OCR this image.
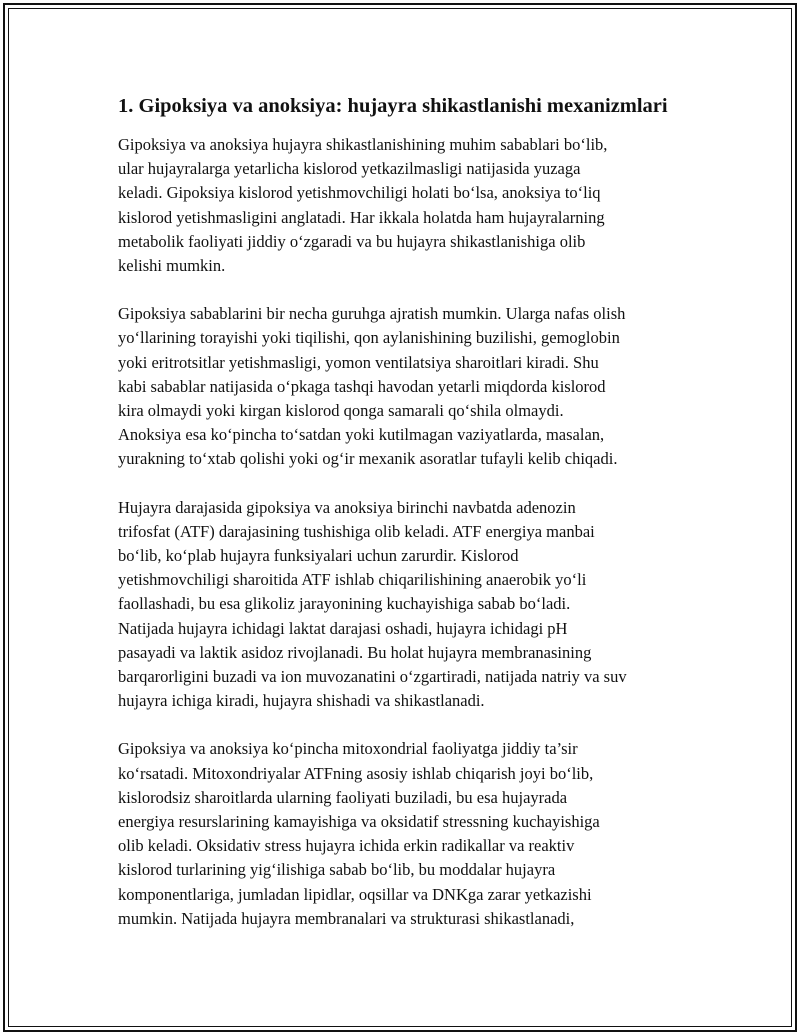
1. Gipoksiya va anoksiya: hujayra shikastlanishi mexanizmlari

Gipoksiya va anoksiya hujayra shikastlanishining muhim sabablari bo‘lib,
ular hujayralarga yetarlicha kislorod yetkazilmasligi natijasida yuzaga
keladi. Gipoksiya kislorod yetishmovchiligi holati bo‘lsa, anoksiya to‘liq
kislorod yetishmasligini anglatadi. Har ikkala holatda ham hujayralarning
metabolik faoliyati jiddiy o‘zgaradi va bu hujayra shikastlanishiga olib
kelishi mumkin.

Gipoksiya sabablarini bir necha guruhga ajratish mumkin. Ularga nafas olish
yo‘llarining torayishi yoki tiqilishi, qon aylanishining buzilishi, gemoglobin
yoki eritrotsitlar yetishmasligi, yomon ventilatsiya sharoitlari kiradi. Shu
kabi sabablar natijasida o‘pkaga tashqi havodan yetarli miqdorda kislorod
kira olmaydi yoki kirgan kislorod qonga samarali qo‘shila olmaydi.
Anoksiya esa ko‘pincha to‘satdan yoki kutilmagan vaziyatlarda, masalan,
yurakning to‘xtab qolishi yoki og‘ir mexanik asoratlar tufayli kelib chiqadi.

Hujayra darajasida gipoksiya va anoksiya birinchi navbatda adenozin
trifosfat (ATF) darajasining tushishiga olib keladi. ATF energiya manbai
bo‘lib, ko‘plab hujayra funksiyalari uchun zarurdir. Kislorod
yetishmovchiligi sharoitida ATF ishlab chiqarilishining anaerobik yo‘li
faollashadi, bu esa glikoliz jarayonining kuchayishiga sabab bo‘ladi.
Natijada hujayra ichidagi laktat darajasi oshadi, hujayra ichidagi pH
pasayadi va laktik asidoz rivojlanadi. Bu holat hujayra membranasining
barqarorligini buzadi va ion muvozanatini o‘zgartiradi, natijada natriy va suv
hujayra ichiga kiradi, hujayra shishadi va shikastlanadi.

Gipoksiya va anoksiya ko‘pincha mitoxondrial faoliyatga jiddiy ta’sir
ko‘rsatadi. Mitoxondriyalar ATFning asosiy ishlab chiqarish joyi bo‘lib,
kislorodsiz sharoitlarda ularning faoliyati buziladi, bu esa hujayrada
energiya resurslarining kamayishiga va oksidatif stressning kuchayishiga
olib keladi. Oksidativ stress hujayra ichida erkin radikallar va reaktiv
kislorod turlarining yig‘ilishiga sabab bo‘lib, bu moddalar hujayra
komponentlariga, jumladan lipidlar, oqsillar va DNKga zarar yetkazishi
mumkin. Natijada hujayra membranalari va strukturasi shikastlanadi,
